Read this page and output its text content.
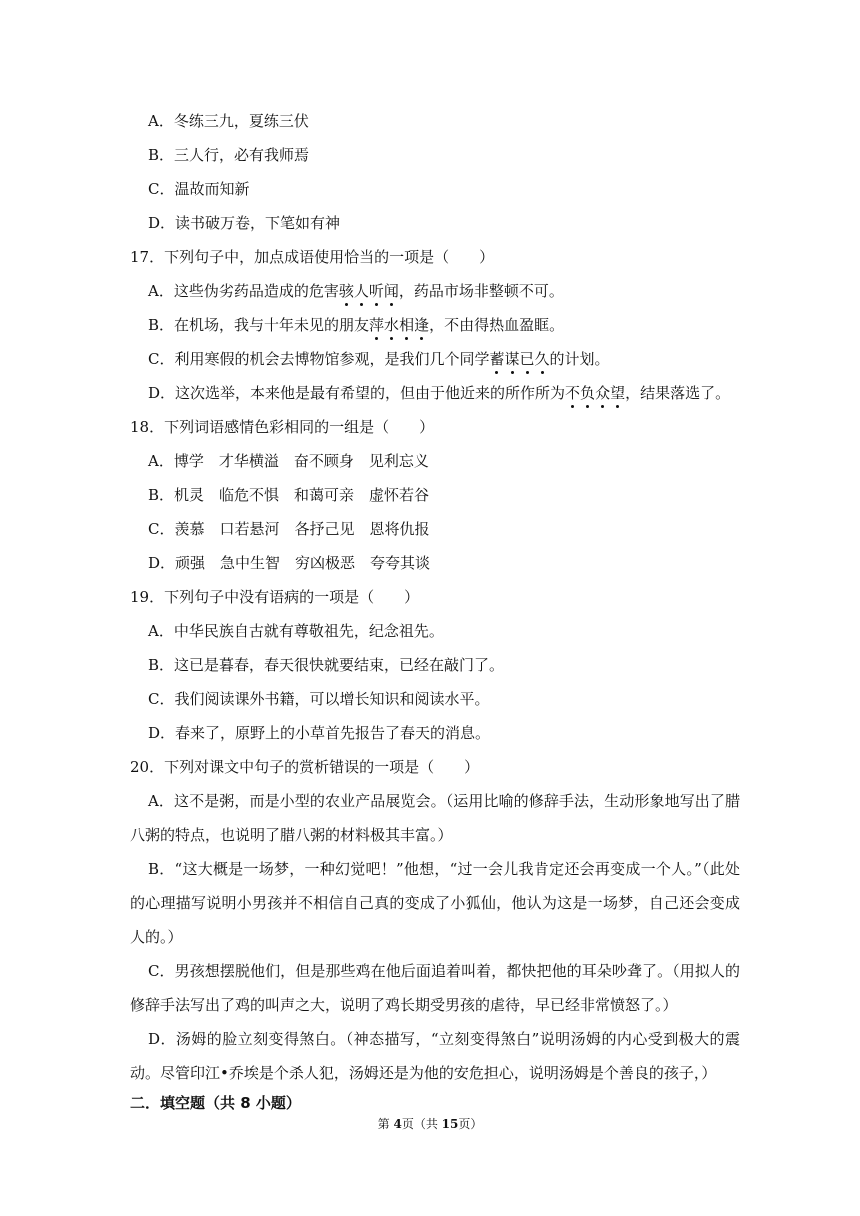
A．冬练三九，夏练三伏
B．三人行，必有我师焉
C．温故而知新
D．读书破万卷，下笔如有神
17．下列句子中，加点成语使用恰当的一项是（　　）
A．这些伪劣药品造成的危害骇人听闻，药品市场非整顿不可。
B．在机场，我与十年未见的朋友萍水相逢，不由得热血盈眶。
C．利用寒假的机会去博物馆参观，是我们几个同学蓄谋已久的计划。
D．这次选举，本来他是最有希望的，但由于他近来的所作所为不负众望，结果落选了。
18．下列词语感情色彩相同的一组是（　　）
A．博学　才华横溢　奋不顾身　见利忘义
B．机灵　临危不惧　和蔼可亲　虚怀若谷
C．羡慕　口若悬河　各抒己见　恩将仇报
D．顽强　急中生智　穷凶极恶　夸夸其谈
19．下列句子中没有语病的一项是（　　）
A．中华民族自古就有尊敬祖先，纪念祖先。
B．这已是暮春，春天很快就要结束，已经在敲门了。
C．我们阅读课外书籍，可以增长知识和阅读水平。
D．春来了，原野上的小草首先报告了春天的消息。
20．下列对课文中句子的赏析错误的一项是（　　）
A．这不是粥，而是小型的农业产品展览会。（运用比喻的修辞手法，生动形象地写出了腊八粥的特点，也说明了腊八粥的材料极其丰富。）
B．“这大概是一场梦，一种幻觉吧！”他想，“过一会儿我肯定还会再变成一个人。”（此处的心理描写说明小男孩并不相信自己真的变成了小狐仙，他认为这是一场梦，自己还会变成人的。）
C．男孩想摆脱他们，但是那些鸡在他后面追着叫着，都快把他的耳朵吵聋了。（用拟人的修辞手法写出了鸡的叫声之大，说明了鸡长期受男孩的虐待，早已经非常愤怒了。）
D．汤姆的脸立刻变得煞白。（神态描写，“立刻变得煞白”说明汤姆的内心受到极大的震动。尽管印江•乔埃是个杀人犯，汤姆还是为他的安危担心，说明汤姆是个善良的孩子，）
二．填空题（共 8 小题）
第 4页（共 15页）
